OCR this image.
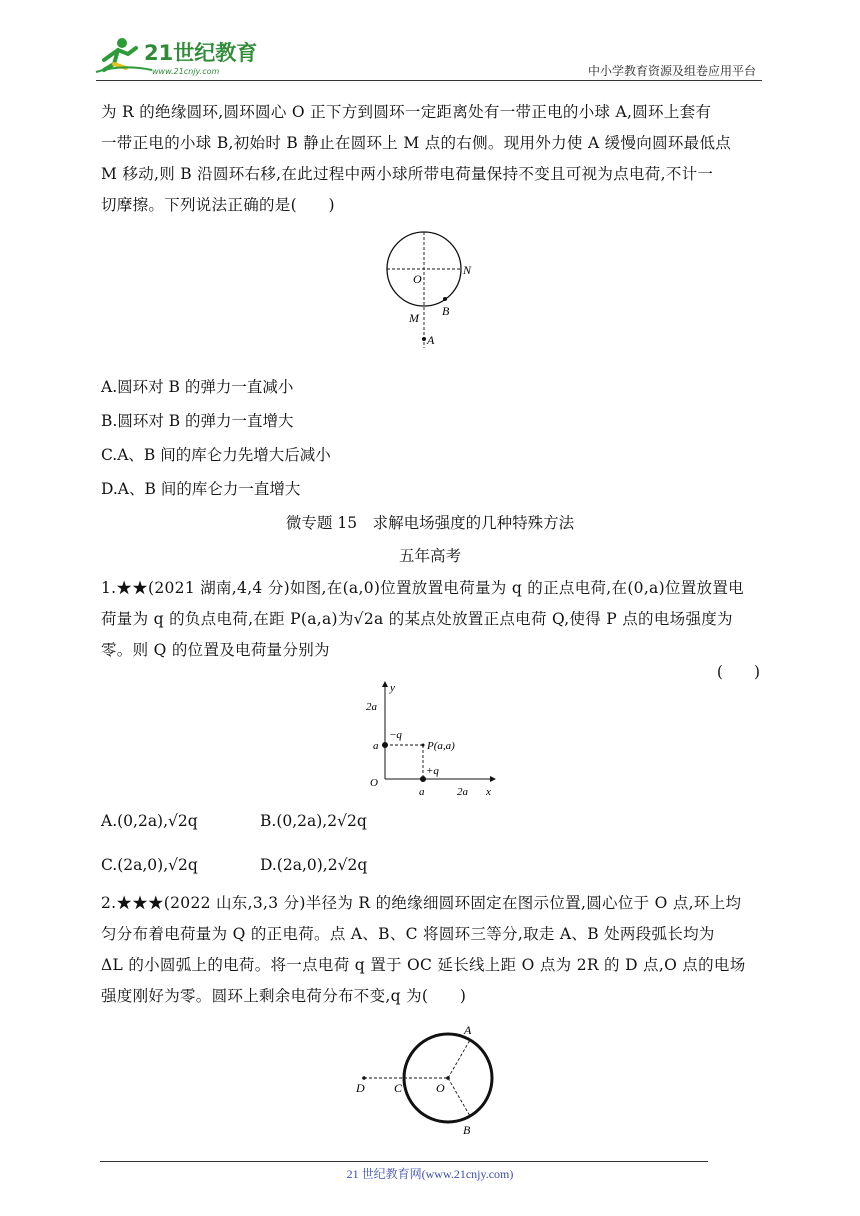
21世纪教育
www.21cnjy.com	中小学教育资源及组卷应用平台
为 R 的绝缘圆环,圆环圆心 O 正下方到圆环一定距离处有一带正电的小球 A,圆环上套有
一带正电的小球 B,初始时 B 静止在圆环上 M 点的右侧。现用外力使 A 缓慢向圆环最低点
M 移动,则 B 沿圆环右移,在此过程中两小球所带电荷量保持不变且可视为点电荷,不计一
切摩擦。下列说法正确的是(　　)
O
N
B
M
A
A.圆环对 B 的弹力一直减小
B.圆环对 B 的弹力一直增大
C.A、B 间的库仑力先增大后减小
D.A、B 间的库仑力一直增大
微专题 15　求解电场强度的几种特殊方法
五年高考
1.★★(2021 湖南,4,4 分)如图,在(a,0)位置放置电荷量为 q 的正点电荷,在(0,a)位置放置电
荷量为 q 的负点电荷,在距 P(a,a)为√2a 的某点处放置正点电荷 Q,使得 P 点的电场强度为
零。则 Q 的位置及电荷量分别为
(　　)
y
x
O
2a
a
−q
P(a,a)
+q
a	2a
A.(0,2a),√2q	B.(0,2a),2√2q
C.(2a,0),√2q	D.(2a,0),2√2q
2.★★★(2022 山东,3,3 分)半径为 R 的绝缘细圆环固定在图示位置,圆心位于 O 点,环上均
匀分布着电荷量为 Q 的正电荷。点 A、B、C 将圆环三等分,取走 A、B 处两段弧长均为
ΔL 的小圆弧上的电荷。将一点电荷 q 置于 OC 延长线上距 O 点为 2R 的 D 点,O 点的电场
强度刚好为零。圆环上剩余电荷分布不变,q 为(　　)
A
B
C
D	O
21 世纪教育网(www.21cnjy.com)
